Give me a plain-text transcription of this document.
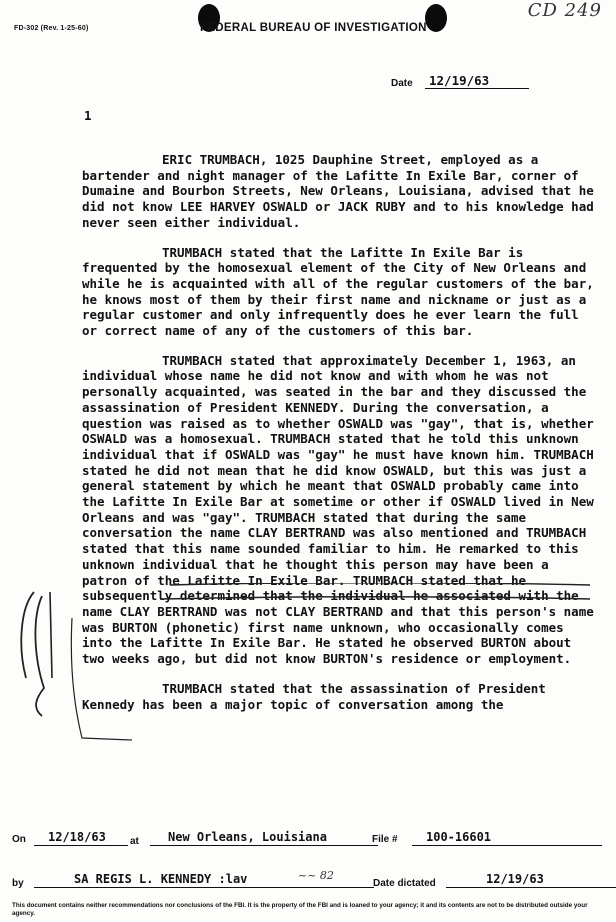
FD-302 (Rev. 1-25-60)	FEDERAL BUREAU OF INVESTIGATION
CD 249
Date	12/19/63
1

ERIC TRUMBACH, 1025 Dauphine Street, employed as a bartender and night manager of the Lafitte In Exile Bar, corner of Dumaine and Bourbon Streets, New Orleans, Louisiana, advised that he did not know LEE HARVEY OSWALD or JACK RUBY and to his knowledge had never seen either individual.

TRUMBACH stated that the Lafitte In Exile Bar is frequented by the homosexual element of the City of New Orleans and while he is acquainted with all of the regular customers of the bar, he knows most of them by their first name and nickname or just as a regular customer and only infrequently does he ever learn the full or correct name of any of the customers of this bar.

TRUMBACH stated that approximately December 1, 1963, an individual whose name he did not know and with whom he was not personally acquainted, was seated in the bar and they discussed the assassination of President KENNEDY. During the conversation, a question was raised as to whether OSWALD was "gay", that is, whether OSWALD was a homosexual. TRUMBACH stated that he told this unknown individual that if OSWALD was "gay" he must have known him. TRUMBACH stated he did not mean that he did know OSWALD, but this was just a general statement by which he meant that OSWALD probably came into the Lafitte In Exile Bar at sometime or other if OSWALD lived in New Orleans and was "gay". TRUMBACH stated that during the same conversation the name CLAY BERTRAND was also mentioned and TRUMBACH stated that this name sounded familiar to him. He remarked to this unknown individual that he thought this person may have been a patron of the Lafitte In Exile Bar. TRUMBACH stated that he subsequently determined that the individual he associated with the name CLAY BERTRAND was not CLAY BERTRAND and that this person's name was BURTON (phonetic) first name unknown, who occasionally comes into the Lafitte In Exile Bar. He stated he observed BURTON about two weeks ago, but did not know BURTON's residence or employment.

TRUMBACH stated that the assassination of President Kennedy has been a major topic of conversation among the

On	12/18/63	at	New Orleans, Louisiana	File #	100-16601
by	SA REGIS L. KENNEDY :lav	~~ 82
Date dictated	12/19/63
This document contains neither recommendations nor conclusions of the FBI. It is the property of the FBI and is loaned to your agency; it and its contents are not to be distributed outside your agency.
